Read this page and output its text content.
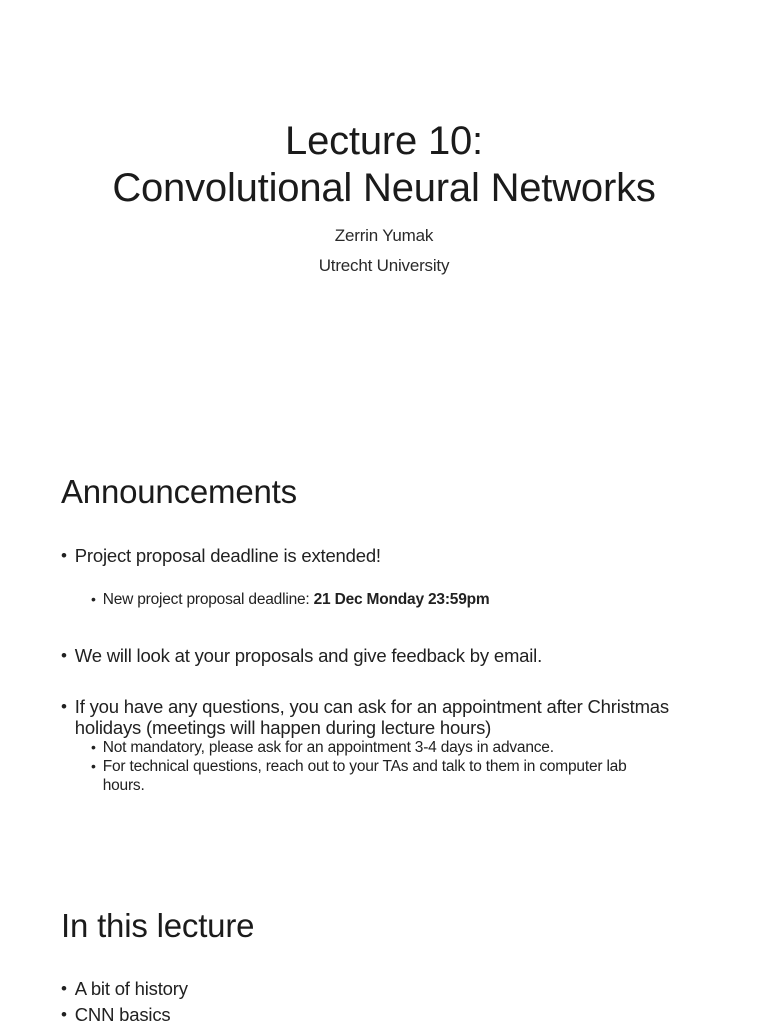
Lecture 10:
Convolutional Neural Networks
Zerrin Yumak
Utrecht University
Announcements
• Project proposal deadline is extended!
• New project proposal deadline: 21 Dec Monday 23:59pm
• We will look at your proposals and give feedback by email.
• If you have any questions, you can ask for an appointment after Christmas
holidays (meetings will happen during lecture hours)
• Not mandatory, please ask for an appointment 3-4 days in advance.
• For technical questions, reach out to your TAs and talk to them in computer lab
hours.
In this lecture
• A bit of history
• CNN basics
